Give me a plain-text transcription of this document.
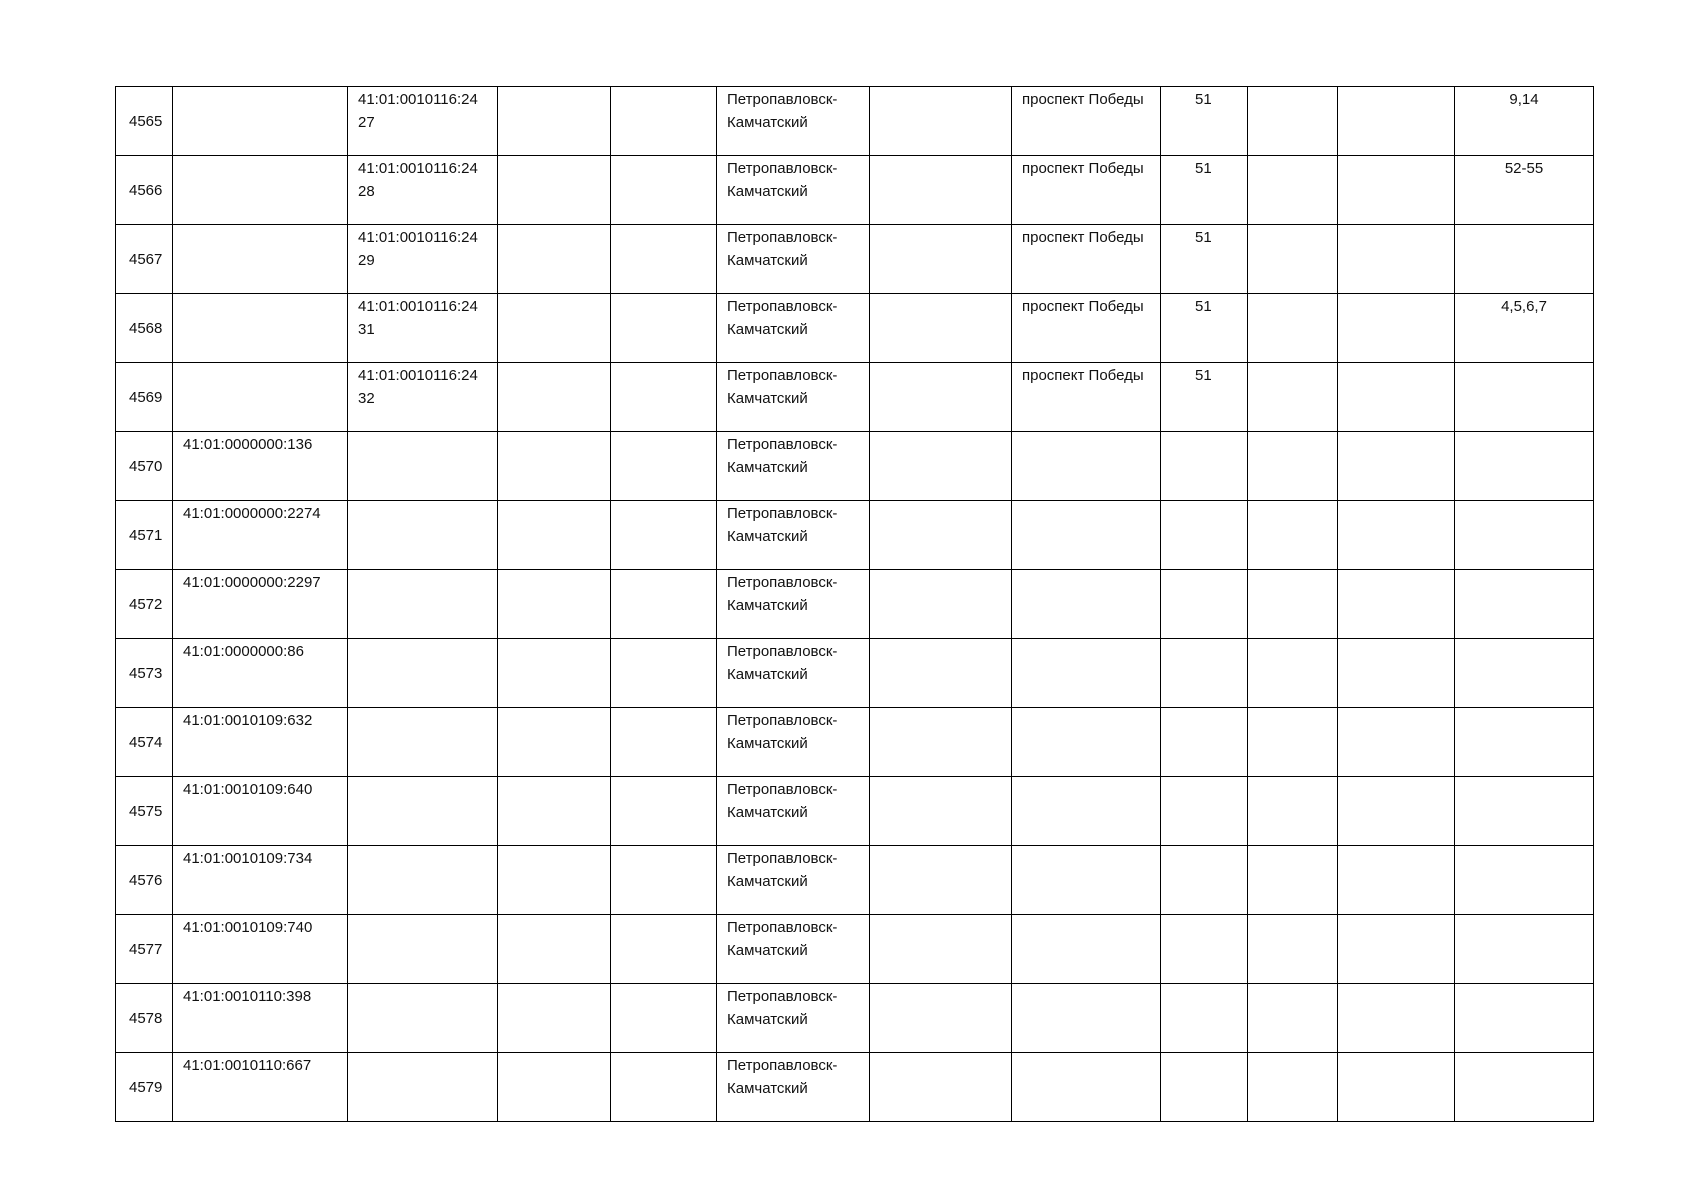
4565		41:01:0010116:2427			Петропавловск-Камчатский		проспект Победы	51			9,14
4566		41:01:0010116:2428			Петропавловск-Камчатский		проспект Победы	51			52-55
4567		41:01:0010116:2429			Петропавловск-Камчатский		проспект Победы	51			
4568		41:01:0010116:2431			Петропавловск-Камчатский		проспект Победы	51			4,5,6,7
4569		41:01:0010116:2432			Петропавловск-Камчатский		проспект Победы	51			
4570	41:01:0000000:136				Петропавловск-Камчатский						
4571	41:01:0000000:2274				Петропавловск-Камчатский						
4572	41:01:0000000:2297				Петропавловск-Камчатский						
4573	41:01:0000000:86				Петропавловск-Камчатский						
4574	41:01:0010109:632				Петропавловск-Камчатский						
4575	41:01:0010109:640				Петропавловск-Камчатский						
4576	41:01:0010109:734				Петропавловск-Камчатский						
4577	41:01:0010109:740				Петропавловск-Камчатский						
4578	41:01:0010110:398				Петропавловск-Камчатский						
4579	41:01:0010110:667				Петропавловск-Камчатский						
